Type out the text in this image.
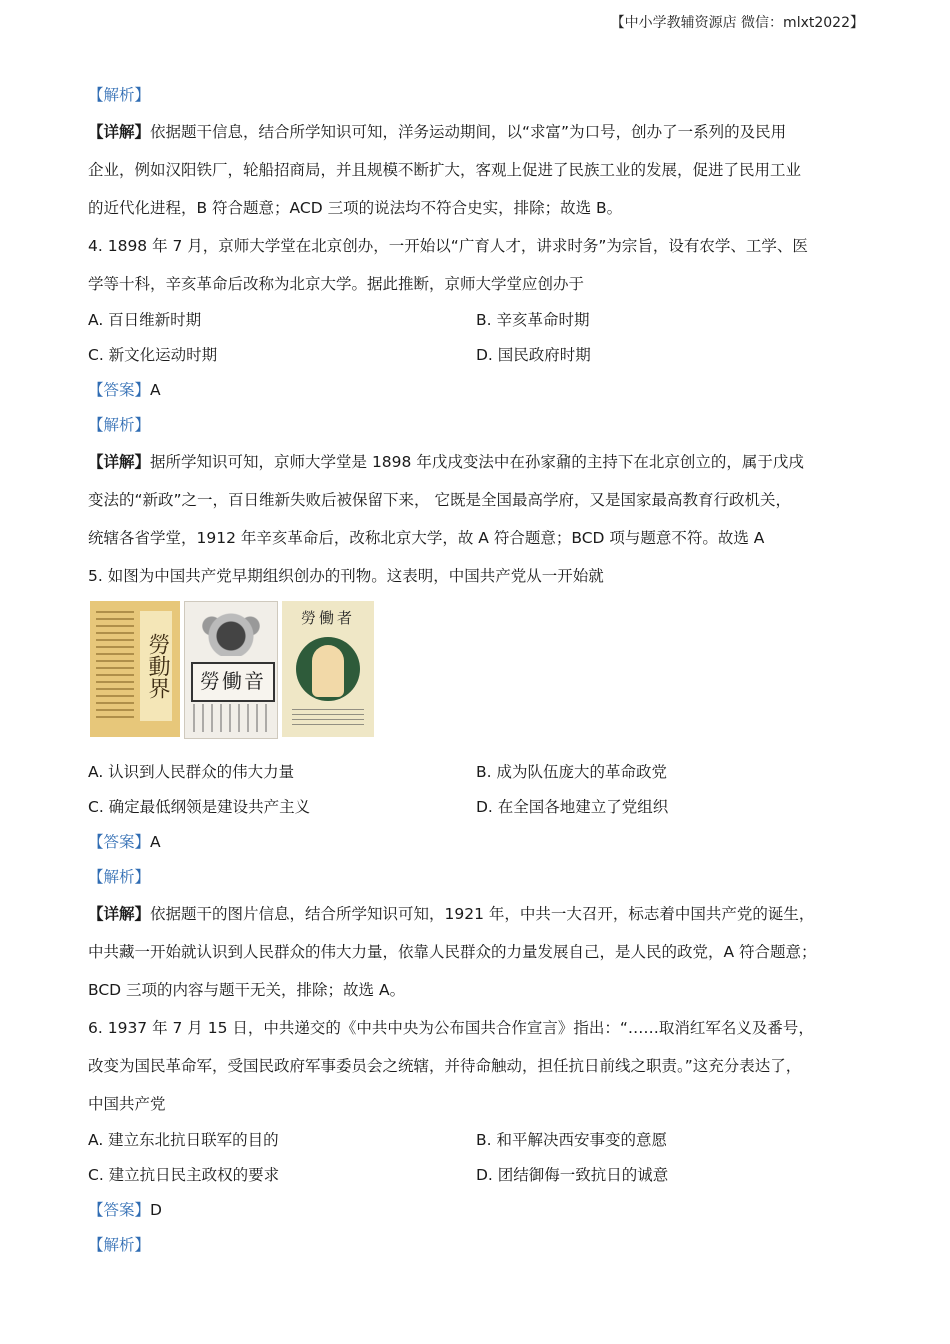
【中小学教辅资源店 微信：mlxt2022】
【解析】
【详解】依据题干信息，结合所学知识可知，洋务运动期间，以“求富”为口号，创办了一系列的及民用
企业，例如汉阳铁厂，轮船招商局，并且规模不断扩大，客观上促进了民族工业的发展，促进了民用工业
的近代化进程，B 符合题意；ACD 三项的说法均不符合史实，排除；故选 B。
4. 1898 年 7 月，京师大学堂在北京创办，一开始以“广育人才，讲求时务”为宗旨，设有农学、工学、医
学等十科，辛亥革命后改称为北京大学。据此推断，京师大学堂应创办于
A. 百日维新时期	B. 辛亥革命时期
C. 新文化运动时期	D. 国民政府时期
【答案】A
【解析】
【详解】据所学知识可知，京师大学堂是 1898 年戊戌变法中在孙家鼐的主持下在北京创立的，属于戊戌
变法的“新政”之一，百日维新失败后被保留下来， 它既是全国最高学府，又是国家最高教育行政机关，
统辖各省学堂，1912 年辛亥革命后，改称北京大学，故 A 符合题意；BCD 项与题意不符。故选 A
5. 如图为中国共产党早期组织创办的刊物。这表明，中国共产党从一开始就
勞動界	勞働音
勞働者
A. 认识到人民群众的伟大力量	B. 成为队伍庞大的革命政党
C. 确定最低纲领是建设共产主义	D. 在全国各地建立了党组织
【答案】A
【解析】
【详解】依据题干的图片信息，结合所学知识可知，1921 年，中共一大召开，标志着中国共产党的诞生，
中共藏一开始就认识到人民群众的伟大力量，依靠人民群众的力量发展自己，是人民的政党，A 符合题意；
BCD 三项的内容与题干无关，排除；故选 A。
6. 1937 年 7 月 15 日，中共递交的《中共中央为公布国共合作宣言》指出：“……取消红军名义及番号，
改变为国民革命军，受国民政府军事委员会之统辖，并待命触动，担任抗日前线之职责。”这充分表达了，
中国共产党
A. 建立东北抗日联军的目的	B. 和平解决西安事变的意愿
C. 建立抗日民主政权的要求	D. 团结御侮一致抗日的诚意
【答案】D
【解析】
